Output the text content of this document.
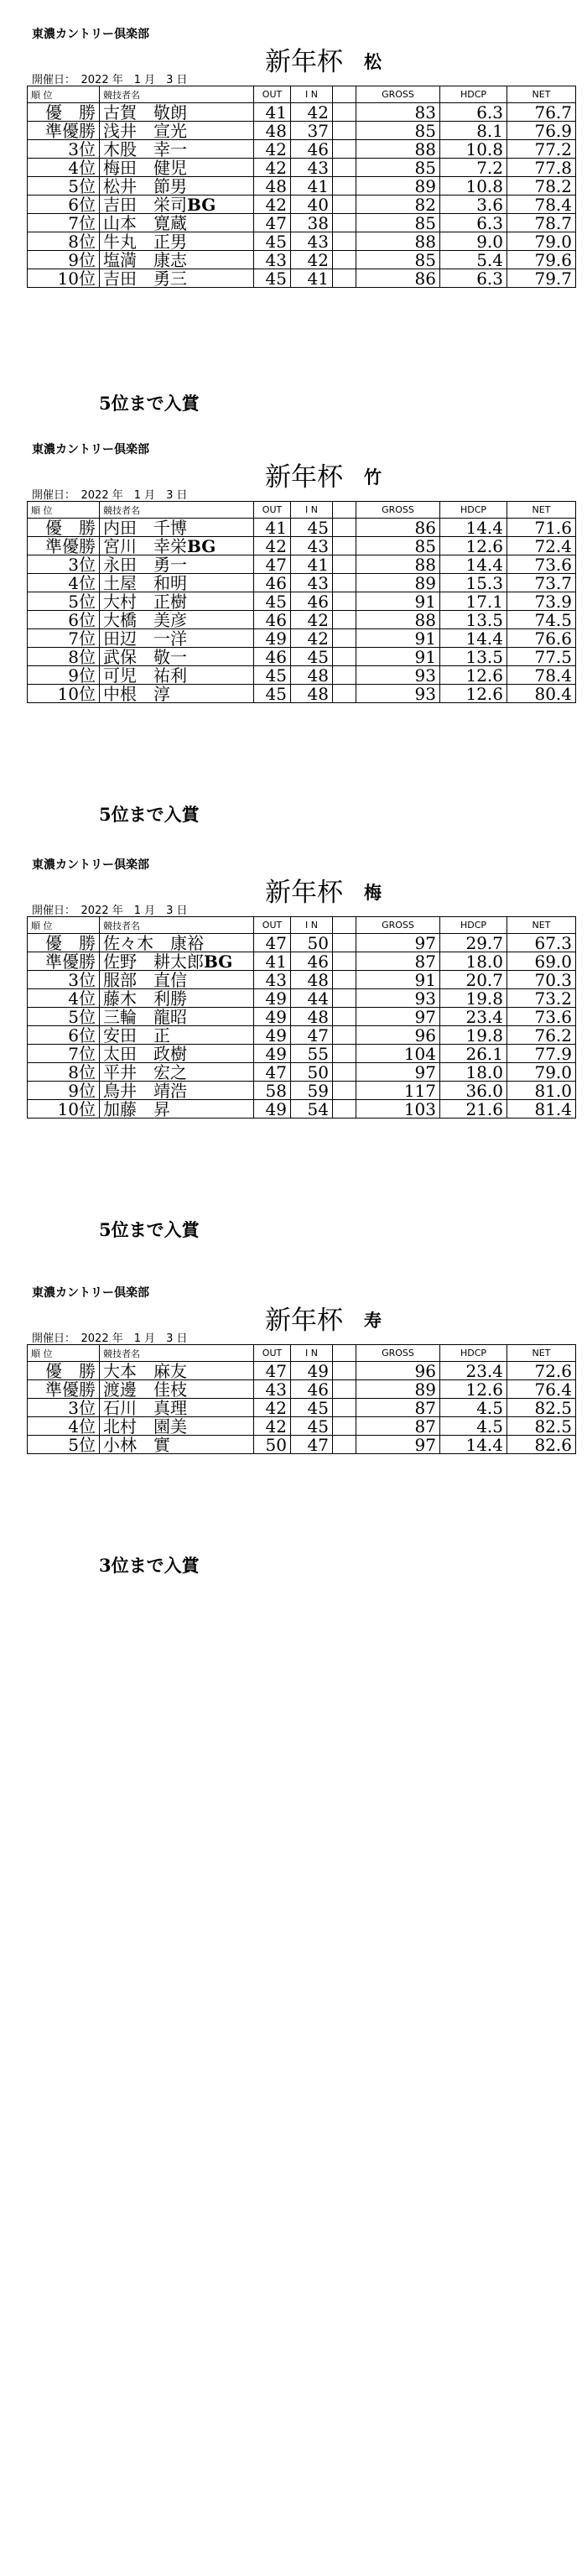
東濃カントリー倶楽部
新年杯 松
開催日：　2022 年　1 月　3 日
順 位	競技者名	OUT	I N		GROSS	HDCP	NET
優　勝	古賀　敬朗	41	42		83	6.3	76.7
準優勝	浅井　宣光	48	37		85	8.1	76.9
3位	木股　幸一	42	46		88	10.8	77.2
4位	梅田　健児	42	43		85	7.2	77.8
5位	松井　節男	48	41		89	10.8	78.2
6位	吉田　栄司BG	42	40		82	3.6	78.4
7位	山本　寛蔵	47	38		85	6.3	78.7
8位	牛丸　正男	45	43		88	9.0	79.0
9位	塩満　康志	43	42		85	5.4	79.6
10位	吉田　勇三	45	41		86	6.3	79.7
5位まで入賞
東濃カントリー倶楽部
新年杯 竹
開催日：　2022 年　1 月　3 日
順 位	競技者名	OUT	I N		GROSS	HDCP	NET
優　勝	内田　千博	41	45		86	14.4	71.6
準優勝	宮川　幸栄BG	42	43		85	12.6	72.4
3位	永田　勇一	47	41		88	14.4	73.6
4位	土屋　和明	46	43		89	15.3	73.7
5位	大村　正樹	45	46		91	17.1	73.9
6位	大橋　美彦	46	42		88	13.5	74.5
7位	田辺　一洋	49	42		91	14.4	76.6
8位	武保　敬一	46	45		91	13.5	77.5
9位	可児　祐利	45	48		93	12.6	78.4
10位	中根　淳	45	48		93	12.6	80.4
5位まで入賞
東濃カントリー倶楽部
新年杯 梅
開催日：　2022 年　1 月　3 日
順 位	競技者名	OUT	I N		GROSS	HDCP	NET
優　勝	佐々木　康裕	47	50		97	29.7	67.3
準優勝	佐野　耕太郎BG	41	46		87	18.0	69.0
3位	服部　直信	43	48		91	20.7	70.3
4位	藤木　利勝	49	44		93	19.8	73.2
5位	三輪　龍昭	49	48		97	23.4	73.6
6位	安田　正	49	47		96	19.8	76.2
7位	太田　政樹	49	55		104	26.1	77.9
8位	平井　宏之	47	50		97	18.0	79.0
9位	鳥井　靖浩	58	59		117	36.0	81.0
10位	加藤　昇	49	54		103	21.6	81.4
5位まで入賞
東濃カントリー倶楽部
新年杯 寿
開催日：　2022 年　1 月　3 日
順 位	競技者名	OUT	I N		GROSS	HDCP	NET
優　勝	大本　麻友	47	49		96	23.4	72.6
準優勝	渡邊　佳枝	43	46		89	12.6	76.4
3位	石川　真理	42	45		87	4.5	82.5
4位	北村　園美	42	45		87	4.5	82.5
5位	小林　實	50	47		97	14.4	82.6
3位まで入賞
